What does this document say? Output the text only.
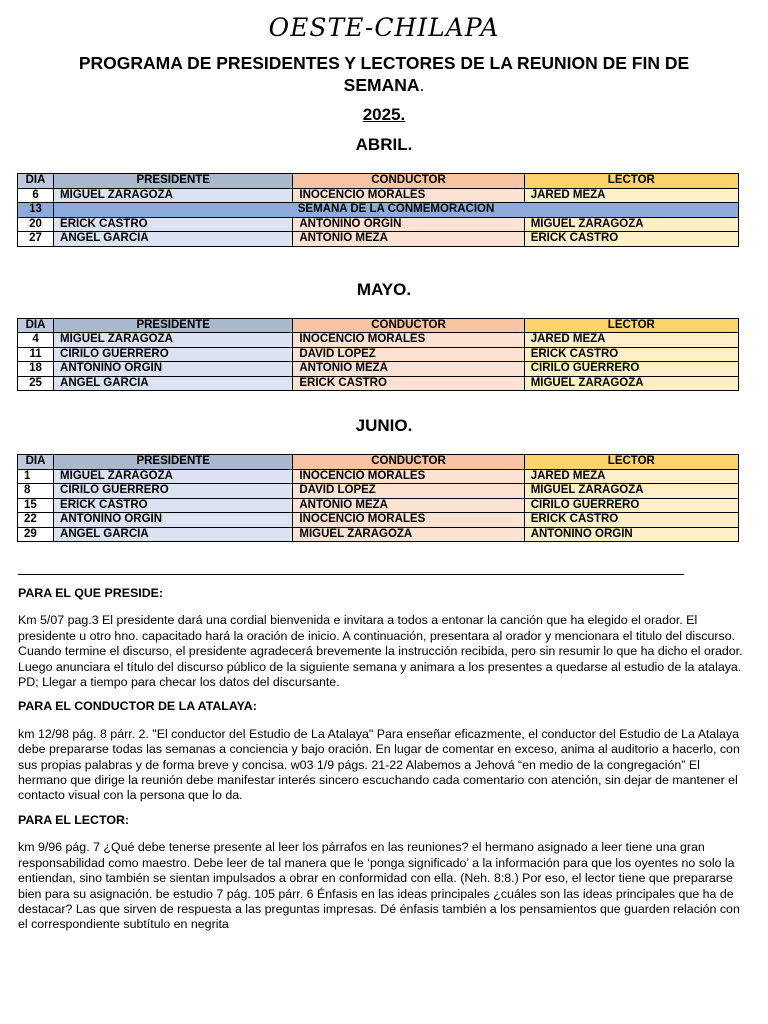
OESTE-CHILAPA
PROGRAMA DE PRESIDENTES Y LECTORES DE LA REUNION DE FIN DE SEMANA.
2025.
ABRIL.
DIA	PRESIDENTE	CONDUCTOR	LECTOR
6	MIGUEL ZARAGOZA	INOCENCIO MORALES	JARED MEZA
13	SEMANA DE LA CONMEMORACION		
20	ERICK CASTRO	ANTONINO ORGIN	MIGUEL ZARAGOZA
27	ANGEL GARCIA	ANTONIO MEZA	ERICK CASTRO
MAYO.
DIA	PRESIDENTE	CONDUCTOR	LECTOR
4	MIGUEL ZARAGOZA	INOCENCIO MORALES	JARED MEZA
11	CIRILO GUERRERO	DAVID LOPEZ	ERICK CASTRO
18	ANTONINO ORGIN	ANTONIO MEZA	CIRILO GUERRERO
25	ANGEL GARCIA	ERICK CASTRO	MIGUEL ZARAGOZA
JUNIO.
DIA	PRESIDENTE	CONDUCTOR	LECTOR
1	MIGUEL ZARAGOZA	INOCENCIO MORALES	JARED MEZA
8	CIRILO GUERRERO	DAVID LOPEZ	MIGUEL ZARAGOZA
15	ERICK CASTRO	ANTONIO MEZA	CIRILO GUERRERO
22	ANTONINO ORGIN	INOCENCIO MORALES	ERICK CASTRO
29	ANGEL GARCIA	MIGUEL ZARAGOZA	ANTONINO ORGIN
PARA EL QUE PRESIDE:

Km 5/07 pag.3 El presidente dará una cordial bienvenida e invitara a todos a entonar la canción que ha elegido el orador. El presidente u otro hno. capacitado hará la oración de inicio. A continuación, presentara al orador y mencionara el titulo del discurso. Cuando termine el discurso, el presidente agradecerá brevemente la instrucción recibida, pero sin resumir lo que ha dicho el orador. Luego anunciara el título del discurso público de la siguiente semana y animara a los presentes a quedarse al estudio de la atalaya. PD; Llegar a tiempo para checar los datos del discursante.

PARA EL CONDUCTOR DE LA ATALAYA:

km 12/98 pág. 8 párr. 2. "El conductor del Estudio de La Atalaya" Para enseñar eficazmente, el conductor del Estudio de La Atalaya debe prepararse todas las semanas a conciencia y bajo oración. En lugar de comentar en exceso, anima al auditorio a hacerlo, con sus propias palabras y de forma breve y concisa. w03 1/9 págs. 21-22 Alabemos a Jehová “en medio de la congregación” El hermano que dirige la reunión debe manifestar interés sincero escuchando cada comentario con atención, sin dejar de mantener el contacto visual con la persona que lo da.

PARA EL LECTOR:

km 9/96 pág. 7 ¿Qué debe tenerse presente al leer los párrafos en las reuniones? el hermano asignado a leer tiene una gran responsabilidad como maestro. Debe leer de tal manera que le ‘ponga significado’ a la información para que los oyentes no solo la entiendan, sino también se sientan impulsados a obrar en conformidad con ella. (Neh. 8:8.) Por eso, el lector tiene que prepararse bien para su asignación. be estudio 7 pág. 105 párr. 6 Énfasis en las ideas principales ¿cuáles son las ideas principales que ha de destacar? Las que sirven de respuesta a las preguntas impresas. Dé énfasis también a los pensamientos que guarden relación con el correspondiente subtítulo en negrita
